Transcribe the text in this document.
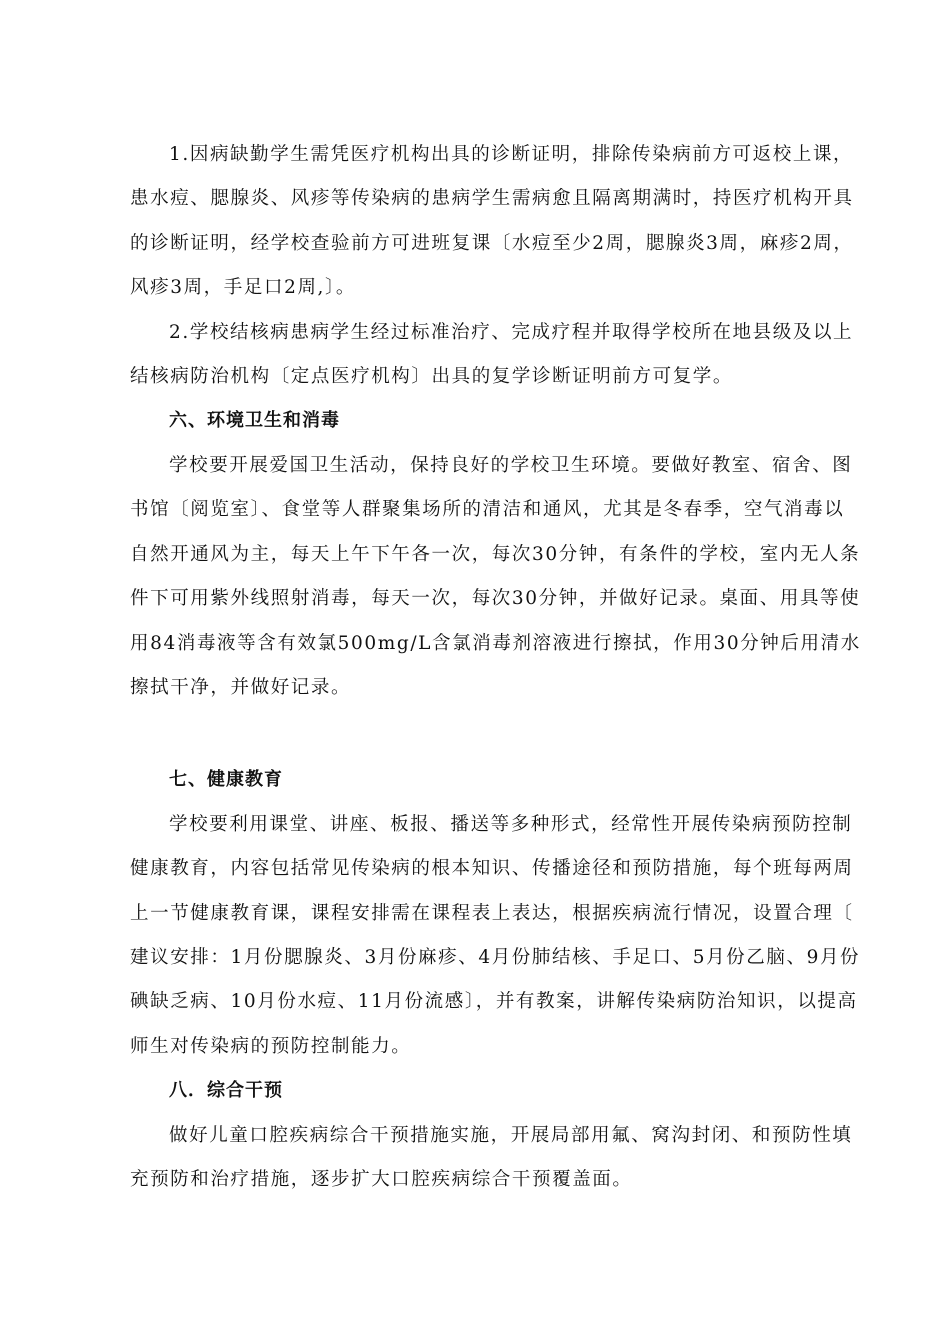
1.因病缺勤学生需凭医疗机构出具的诊断证明，排除传染病前方可返校上课，
患水痘、腮腺炎、风疹等传染病的患病学生需病愈且隔离期满时，持医疗机构开具
的诊断证明，经学校查验前方可进班复课〔水痘至少2周，腮腺炎3周，麻疹2周，
风疹3周，手足口2周,〕。
2.学校结核病患病学生经过标准治疗、完成疗程并取得学校所在地县级及以上
结核病防治机构〔定点医疗机构〕出具的复学诊断证明前方可复学。
六、环境卫生和消毒
学校要开展爱国卫生活动，保持良好的学校卫生环境。要做好教室、宿舍、图
书馆〔阅览室〕、食堂等人群聚集场所的清洁和通风，尤其是冬春季，空气消毒以
自然开通风为主，每天上午下午各一次，每次30分钟，有条件的学校，室内无人条
件下可用紫外线照射消毒，每天一次，每次30分钟，并做好记录。桌面、用具等使
用84消毒液等含有效氯500mg/L含氯消毒剂溶液进行擦拭，作用30分钟后用清水
擦拭干净，并做好记录。
七、健康教育
学校要利用课堂、讲座、板报、播送等多种形式，经常性开展传染病预防控制
健康教育，内容包括常见传染病的根本知识、传播途径和预防措施，每个班每两周
上一节健康教育课，课程安排需在课程表上表达，根据疾病流行情况，设置合理〔
建议安排：1月份腮腺炎、3月份麻疹、4月份肺结核、手足口、5月份乙脑、9月份
碘缺乏病、10月份水痘、11月份流感〕，并有教案，讲解传染病防治知识，以提高
师生对传染病的预防控制能力。
八．综合干预
做好儿童口腔疾病综合干预措施实施，开展局部用氟、窝沟封闭、和预防性填
充预防和治疗措施，逐步扩大口腔疾病综合干预覆盖面。
